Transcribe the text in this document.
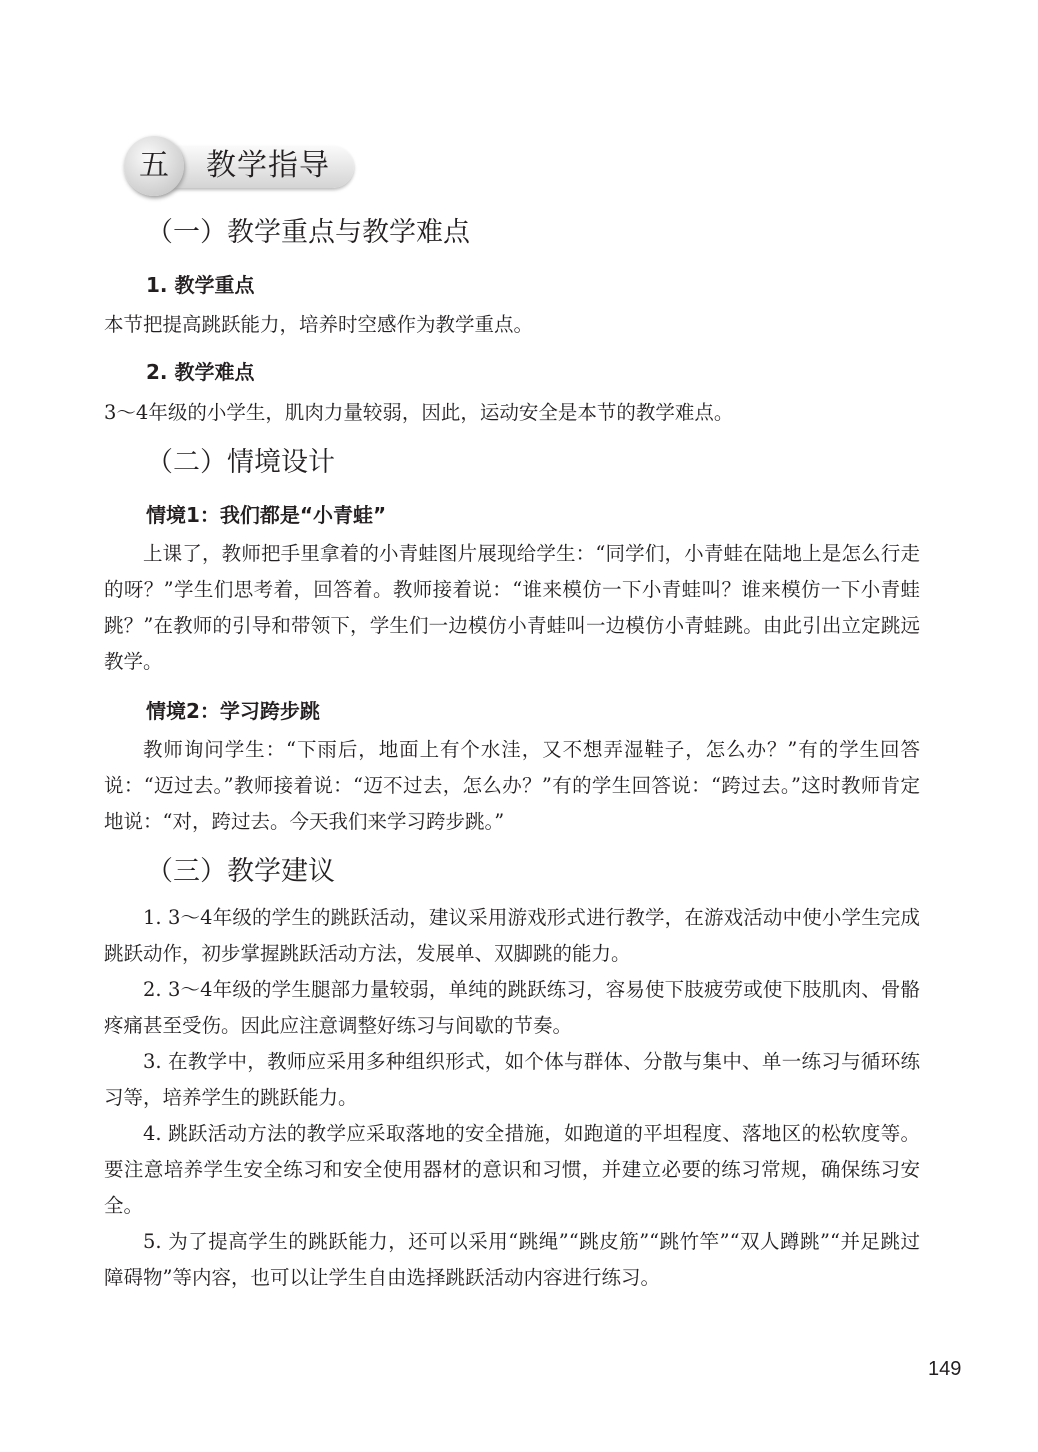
五	教学指导
（一）教学重点与教学难点
1. 教学重点
本节把提高跳跃能力，培养时空感作为教学重点。
2. 教学难点
3～4年级的小学生，肌肉力量较弱，因此，运动安全是本节的教学难点。
（二）情境设计
情境1：我们都是“小青蛙”
上课了，教师把手里拿着的小青蛙图片展现给学生：“同学们，小青蛙在陆地上是怎么行走的呀？”学生们思考着，回答着。教师接着说：“谁来模仿一下小青蛙叫？谁来模仿一下小青蛙跳？”在教师的引导和带领下，学生们一边模仿小青蛙叫一边模仿小青蛙跳。由此引出立定跳远教学。
情境2：学习跨步跳
教师询问学生：“下雨后，地面上有个水洼，又不想弄湿鞋子，怎么办？”有的学生回答说：“迈过去。”教师接着说：“迈不过去，怎么办？”有的学生回答说：“跨过去。”这时教师肯定地说：“对，跨过去。今天我们来学习跨步跳。”
（三）教学建议
1. 3～4年级的学生的跳跃活动，建议采用游戏形式进行教学，在游戏活动中使小学生完成跳跃动作，初步掌握跳跃活动方法，发展单、双脚跳的能力。
2. 3～4年级的学生腿部力量较弱，单纯的跳跃练习，容易使下肢疲劳或使下肢肌肉、骨骼疼痛甚至受伤。因此应注意调整好练习与间歇的节奏。
3. 在教学中，教师应采用多种组织形式，如个体与群体、分散与集中、单一练习与循环练习等，培养学生的跳跃能力。
4. 跳跃活动方法的教学应采取落地的安全措施，如跑道的平坦程度、落地区的松软度等。要注意培养学生安全练习和安全使用器材的意识和习惯，并建立必要的练习常规，确保练习安全。
5. 为了提高学生的跳跃能力，还可以采用“跳绳”“跳皮筋”“跳竹竿”“双人蹲跳”“并足跳过障碍物”等内容，也可以让学生自由选择跳跃活动内容进行练习。
149
